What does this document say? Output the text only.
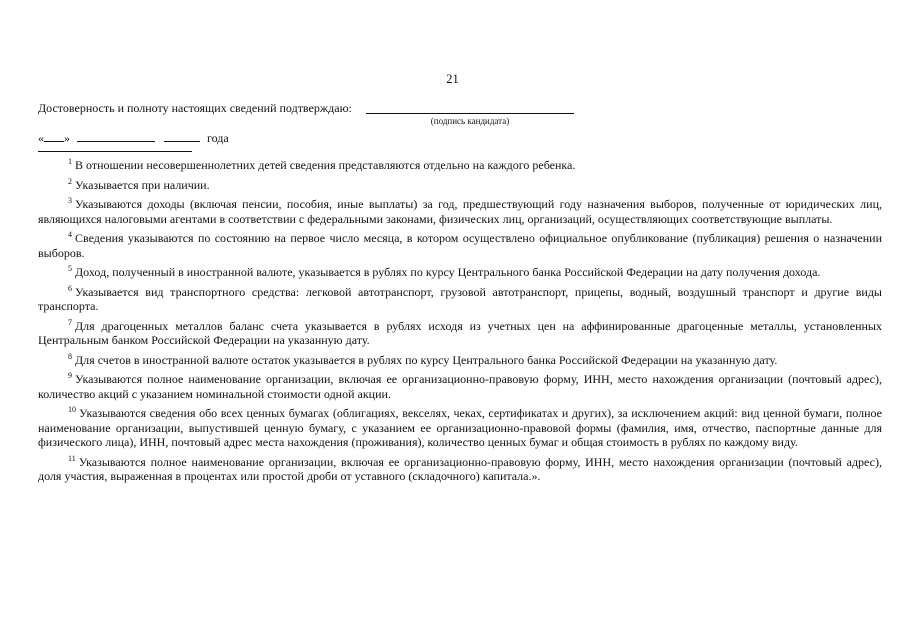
21
Достоверность и полноту настоящих сведений подтверждаю:
(подпись кандидата)
« »	года

$^1$ В отношении несовершеннолетних детей сведения представляются отдельно на каждого ребенка.

$^2$ Указывается при наличии.

$^3$ Указываются доходы (включая пенсии, пособия, иные выплаты) за год, предшествующий году назначения выборов, полученные от юридических лиц, являющихся налоговыми агентами в соответствии с федеральными законами, физических лиц, организаций, осуществляющих соответствующие выплаты.

$^4$ Сведения указываются по состоянию на первое число месяца, в котором осуществлено официальное опубликование (публикация) решения о назначении выборов.

$^5$ Доход, полученный в иностранной валюте, указывается в рублях по курсу Центрального банка Российской Федерации на дату получения дохода.

$^6$ Указывается вид транспортного средства: легковой автотранспорт, грузовой автотранспорт, прицепы, водный, воздушный транспорт и другие виды транспорта.

$^7$ Для драгоценных металлов баланс счета указывается в рублях исходя из учетных цен на аффинированные драгоценные металлы, установленных Центральным банком Российской Федерации на указанную дату.

$^8$ Для счетов в иностранной валюте остаток указывается в рублях по курсу Центрального банка Российской Федерации на указанную дату.

$^9$ Указываются полное наименование организации, включая ее организационно-правовую форму, ИНН, место нахождения организации (почтовый адрес), количество акций с указанием номинальной стоимости одной акции.

$^{10}$ Указываются сведения обо всех ценных бумагах (облигациях, векселях, чеках, сертификатах и других), за исключением акций: вид ценной бумаги, полное наименование организации, выпустившей ценную бумагу, с указанием ее организационно-правовой формы (фамилия, имя, отчество, паспортные данные для физического лица), ИНН, почтовый адрес места нахождения (проживания), количество ценных бумаг и общая стоимость в рублях по каждому виду.

$^{11}$ Указываются полное наименование организации, включая ее организационно-правовую форму, ИНН, место нахождения организации (почтовый адрес), доля участия, выраженная в процентах или простой дроби от уставного (складочного) капитала.».
